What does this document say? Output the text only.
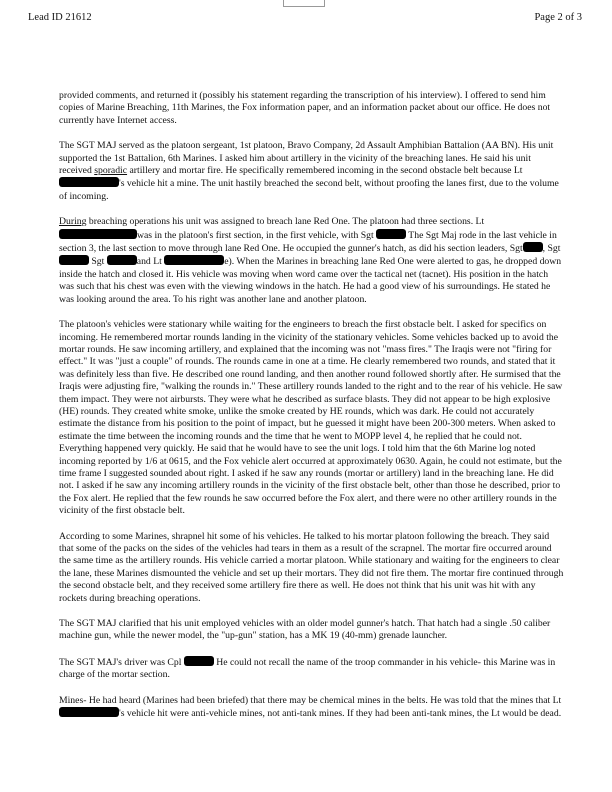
Lead ID 21612	Page 2 of 3

provided comments, and returned it (possibly his statement regarding the transcription of his interview). I offered to send him copies of Marine Breaching, 11th Marines, the Fox information paper, and an information packet about our office. He does not currently have Internet access.

The SGT MAJ served as the platoon sergeant, 1st platoon, Bravo Company, 2d Assault Amphibian Battalion (AA BN). His unit supported the 1st Battalion, 6th Marines. I asked him about artillery in the vicinity of the breaching lanes. He said his unit received sporadic artillery and mortar fire. He specifically remembered incoming in the second obstacle belt because Lt 's vehicle hit a mine. The unit hastily breached the second belt, without proofing the lanes first, due to the volume of incoming.

During breaching operations his unit was assigned to breach lane Red One. The platoon had three sections. Lt was in the platoon's first section, in the first vehicle, with Sgt	The Sgt Maj rode in the last vehicle in section 3, the last section to move through lane Red One. He occupied the gunner's hatch, as did his section leaders, Sgt , Sgt  Sgt	and Lt	e). When the Marines in breaching lane Red One were alerted to gas, he dropped down inside the hatch and closed it. His vehicle was moving when word came over the tactical net (tacnet). His position in the hatch was such that his chest was even with the viewing windows in the hatch. He had a good view of his surroundings. He stated he was looking around the area. To his right was another lane and another platoon.

The platoon's vehicles were stationary while waiting for the engineers to breach the first obstacle belt. I asked for specifics on incoming. He remembered mortar rounds landing in the vicinity of the stationary vehicles. Some vehicles backed up to avoid the mortar rounds. He saw incoming artillery, and explained that the incoming was not "mass fires." The Iraqis were not "firing for effect." It was "just a couple" of rounds. The rounds came in one at a time. He clearly remembered two rounds, and stated that it was definitely less than five. He described one round landing, and then another round followed shortly after. He surmised that the Iraqis were adjusting fire, "walking the rounds in." These artillery rounds landed to the right and to the rear of his vehicle. He saw them impact. They were not airbursts. They were what he described as surface blasts. They did not appear to be high explosive (HE) rounds. They created white smoke, unlike the smoke created by HE rounds, which was dark. He could not accurately estimate the distance from his position to the point of impact, but he guessed it might have been 200-300 meters. When asked to estimate the time between the incoming rounds and the time that he went to MOPP level 4, he replied that he could not. Everything happened very quickly. He said that he would have to see the unit logs. I told him that the 6th Marine log noted incoming reported by 1/6 at 0615, and the Fox vehicle alert occurred at approximately 0630. Again, he could not estimate, but the time frame I suggested sounded about right. I asked if he saw any rounds (mortar or artillery) land in the breaching lane. He did not. I asked if he saw any incoming artillery rounds in the vicinity of the first obstacle belt, other than those he described, prior to the Fox alert. He replied that the few rounds he saw occurred before the Fox alert, and there were no other artillery rounds in the vicinity of the first obstacle belt.

According to some Marines, shrapnel hit some of his vehicles. He talked to his mortar platoon following the breach. They said that some of the packs on the sides of the vehicles had tears in them as a result of the scrapnel. The mortar fire occurred around the same time as the artillery rounds. His vehicle carried a mortar platoon. While stationary and waiting for the engineers to clear the lane, these Marines dismounted the vehicle and set up their mortars. They did not fire them. The mortar fire continued through the second obstacle belt, and they received some artillery fire there as well. He does not think that his unit was hit with any rockets during breaching operations.

The SGT MAJ clarified that his unit employed vehicles with an older model gunner's hatch. That hatch had a single .50 caliber machine gun, while the newer model, the "up-gun" station, has a MK 19 (40-mm) grenade launcher.

The SGT MAJ's driver was Cpl	He could not recall the name of the troop commander in his vehicle- this Marine was in charge of the mortar section.

Mines- He had heard (Marines had been briefed) that there may be chemical mines in the belts. He was told that the mines that Lt 's vehicle hit were anti-vehicle mines, not anti-tank mines. If they had been anti-tank mines, the Lt would be dead.
